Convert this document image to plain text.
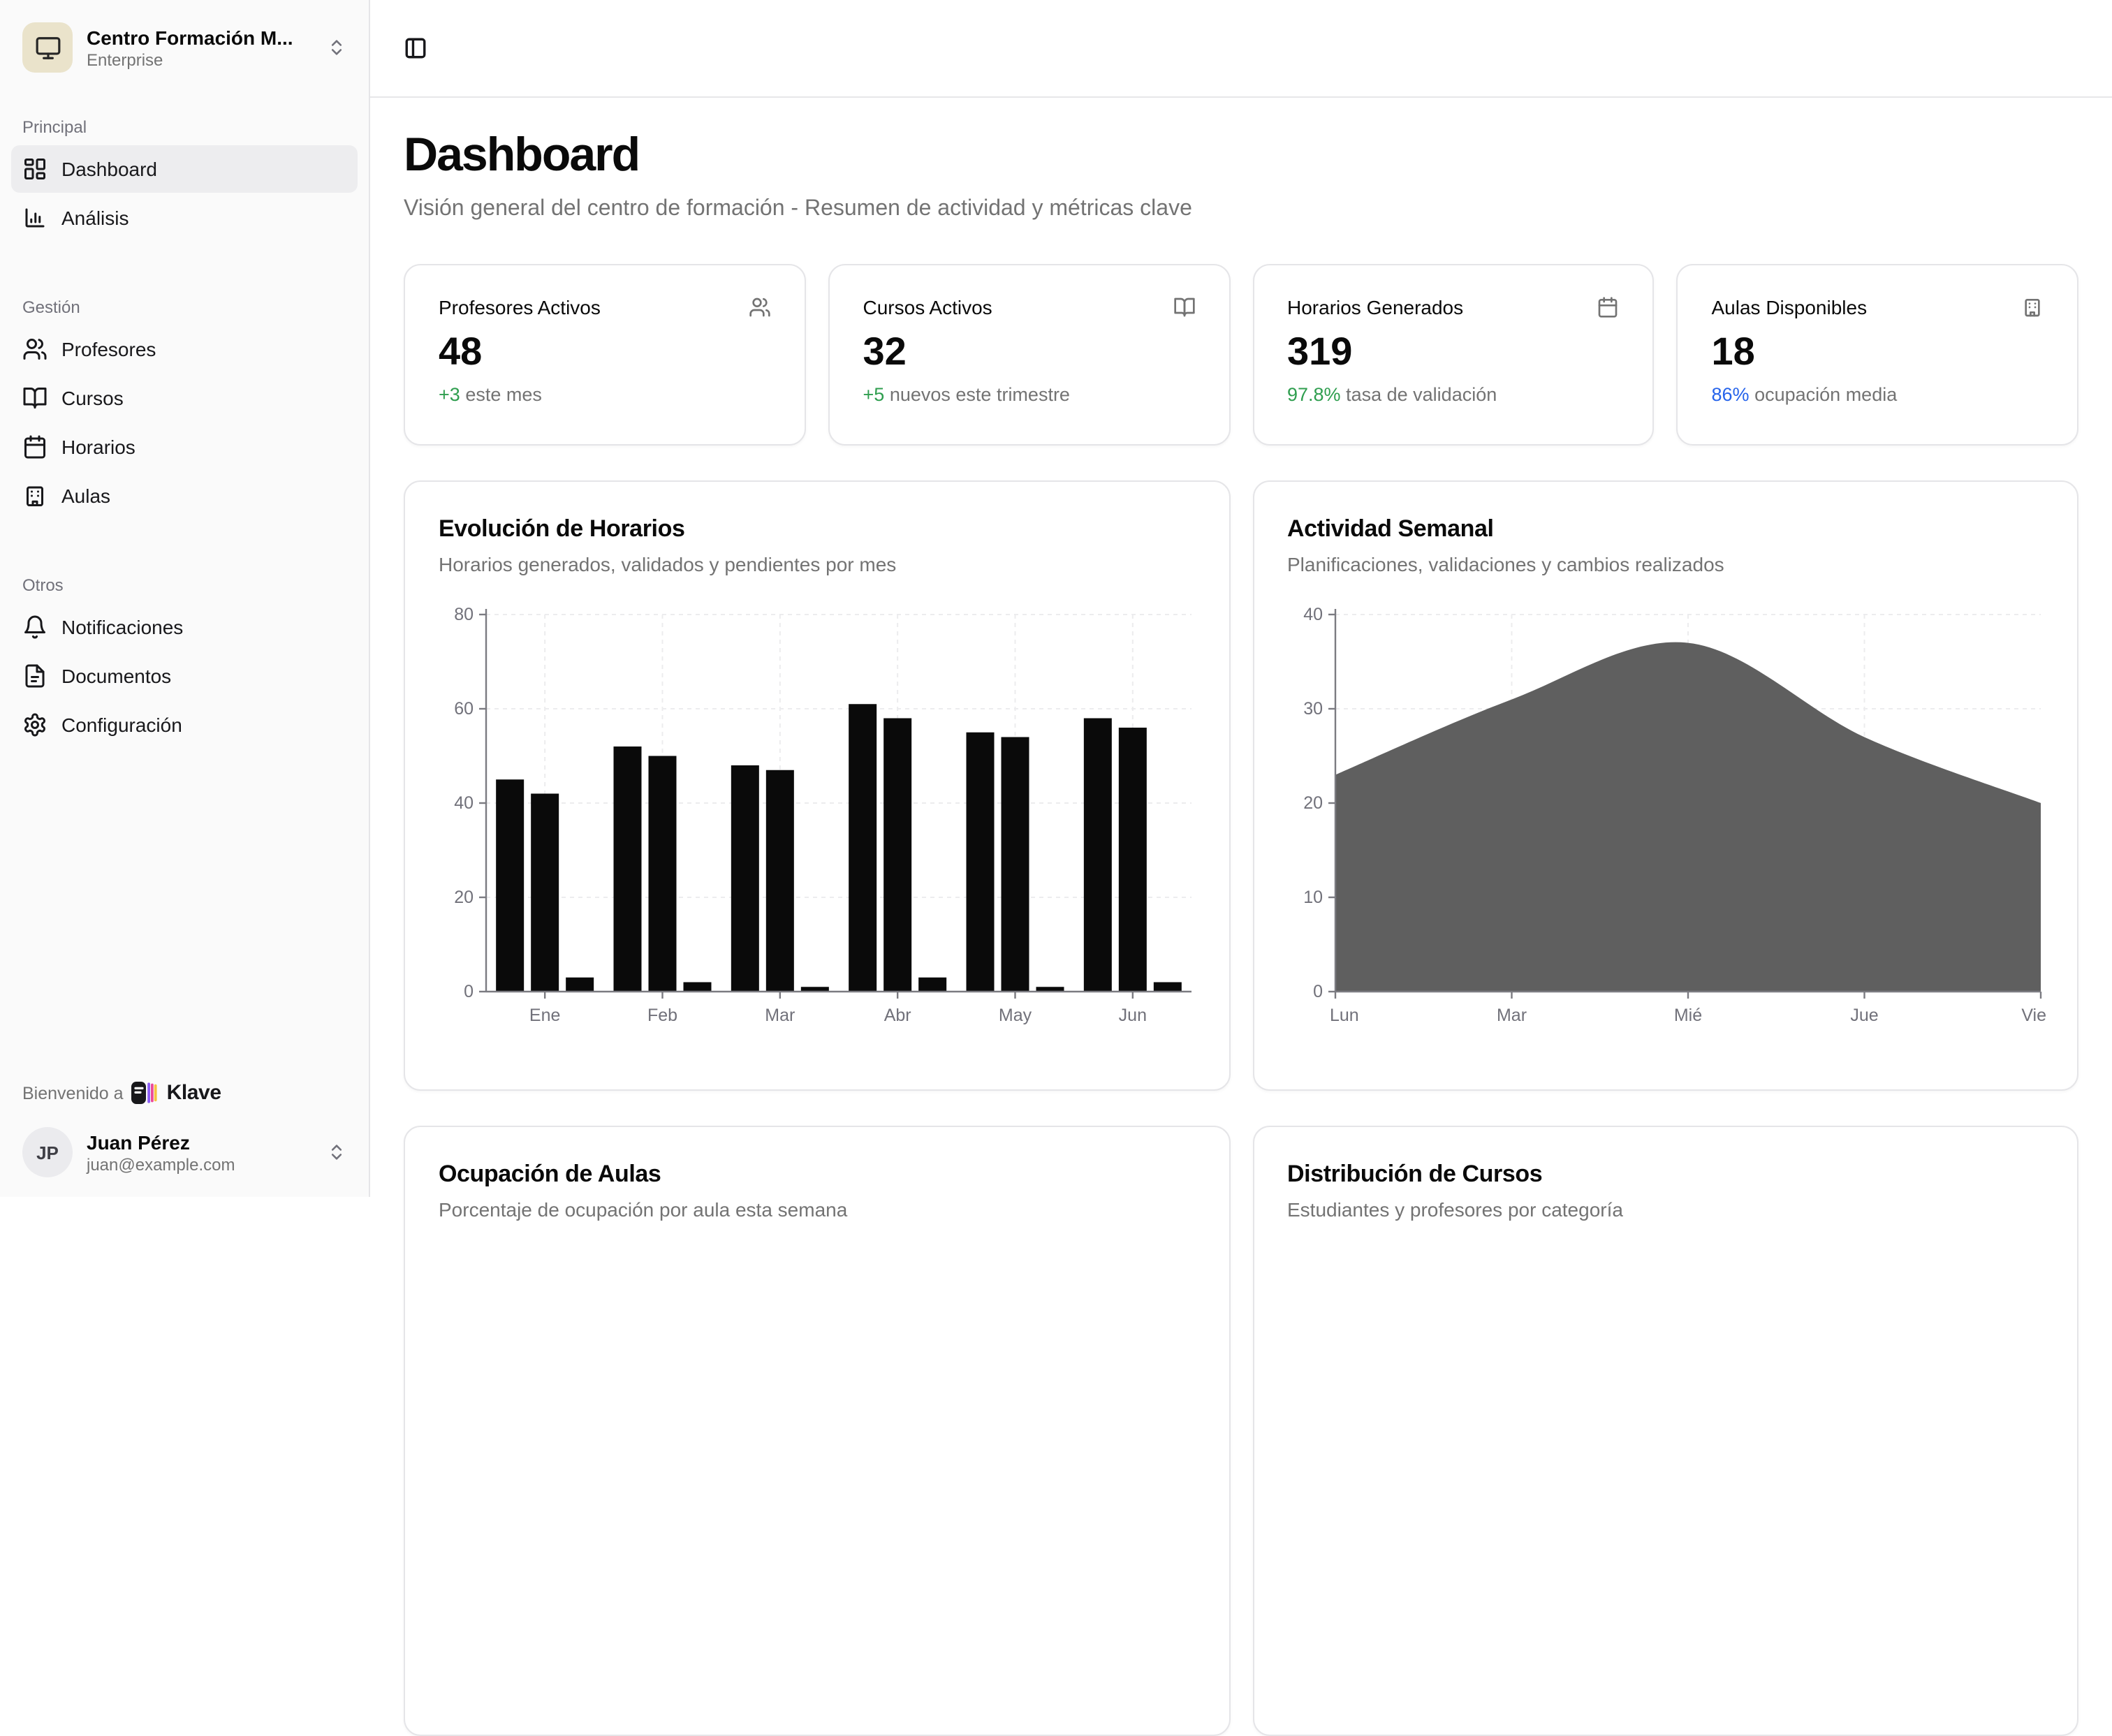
Centro Formación M...
Enterprise
Principal
Dashboard
Análisis
Gestión
Profesores
Cursos
Horarios
Aulas
Otros
Notificaciones
Documentos
Configuración
Bienvenido a	Klave
JP	Juan Pérez
juan@example.com
Dashboard

Visión general del centro de formación - Resumen de actividad y métricas clave

Profesores Activos
48
+3 este mes
Cursos Activos
32
+5 nuevos este trimestre
Horarios Generados
319
97.8% tasa de validación
Aulas Disponibles
18
86% ocupación media
Evolución de Horarios
Horarios generados, validados y pendientes por mes
0
20
40
60
80
Ene	Feb	Mar	Abr	May	Jun
Actividad Semanal
Planificaciones, validaciones y cambios realizados
0
10
20
30
40
Lun	Mar	Mié	Jue	Vie
Ocupación de Aulas
Porcentaje de ocupación por aula esta semana
Distribución de Cursos
Estudiantes y profesores por categoría
